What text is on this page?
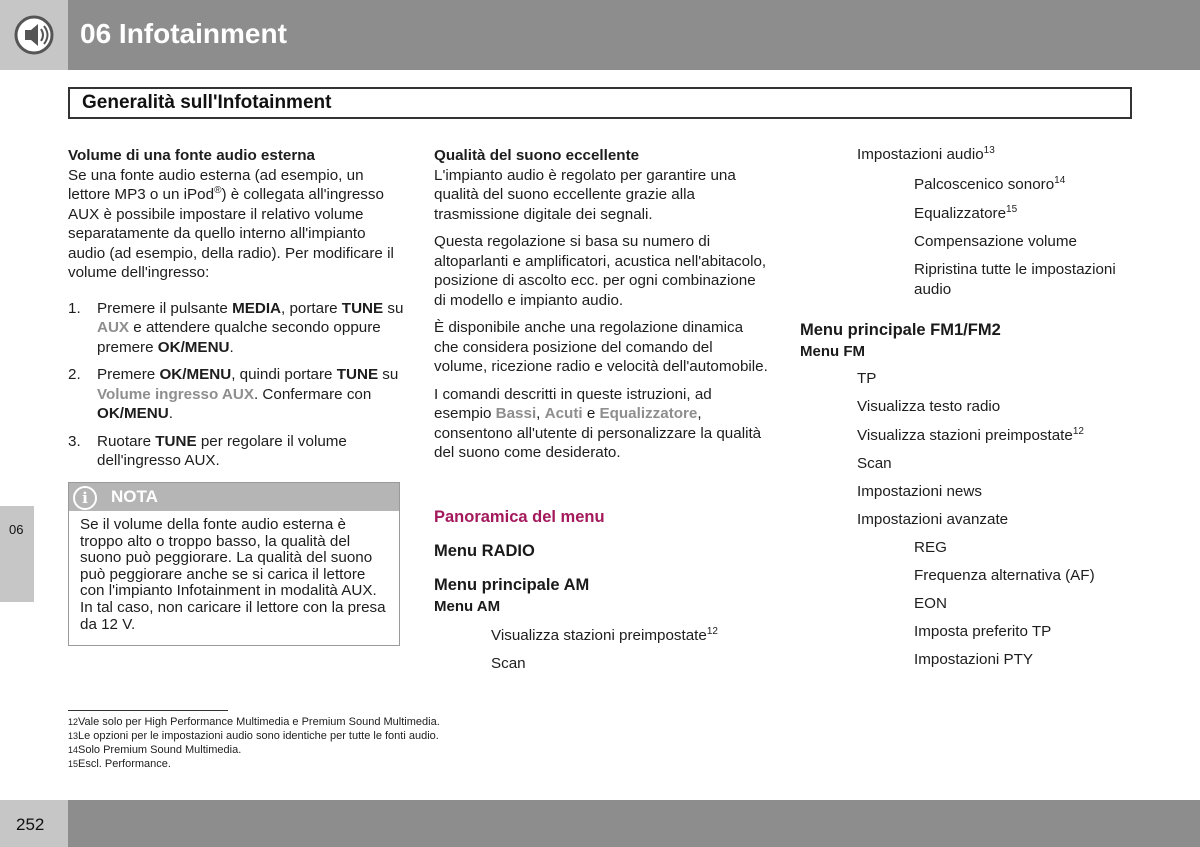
06 Infotainment
Generalità sull'Infotainment
06

Volume di una fonte audio esterna
Se una fonte audio esterna (ad esempio, un lettore MP3 o un iPod®) è collegata all'ingresso AUX è possibile impostare il relativo volume separatamente da quello interno all'impianto audio (ad esempio, della radio). Per modificare il volume dell'ingresso:

1. Premere il pulsante MEDIA, portare TUNE su AUX e attendere qualche secondo oppure premere OK/MENU.
2. Premere OK/MENU, quindi portare TUNE su Volume ingresso AUX. Confermare con OK/MENU.
3. Ruotare TUNE per regolare il volume dell'ingresso AUX.
i	NOTA
Se il volume della fonte audio esterna è troppo alto o troppo basso, la qualità del suono può peggiorare. La qualità del suono può peggiorare anche se si carica il lettore con l'impianto Infotainment in modalità AUX. In tal caso, non caricare il lettore con la presa da 12 V.

Qualità del suono eccellente
L'impianto audio è regolato per garantire una qualità del suono eccellente grazie alla trasmissione digitale dei segnali.

Questa regolazione si basa su numero di altoparlanti e amplificatori, acustica nell'abitacolo, posizione di ascolto ecc. per ogni combinazione di modello e impianto audio.

È disponibile anche una regolazione dinamica che considera posizione del comando del volume, ricezione radio e velocità dell'automobile.

I comandi descritti in queste istruzioni, ad esempio Bassi, Acuti e Equalizzatore, consentono all'utente di personalizzare la qualità del suono come desiderato.

Panoramica del menu
Menu RADIO
Menu principale AM
Menu AM
Visualizza stazioni preimpostate$^{12}$
Scan
Impostazioni audio$^{13}$
Palcoscenico sonoro$^{14}$
Equalizzatore$^{15}$
Compensazione volume
Ripristina tutte le impostazioni
audio
Menu principale FM1/FM2
Menu FM
TP
Visualizza testo radio
Visualizza stazioni preimpostate$^{12}$
Scan
Impostazioni news
Impostazioni avanzate
REG
Frequenza alternativa (AF)
EON
Imposta preferito TP
Impostazioni PTY
12Vale solo per High Performance Multimedia e Premium Sound Multimedia.
13Le opzioni per le impostazioni audio sono identiche per tutte le fonti audio.
14Solo Premium Sound Multimedia.
15Escl. Performance.
252
